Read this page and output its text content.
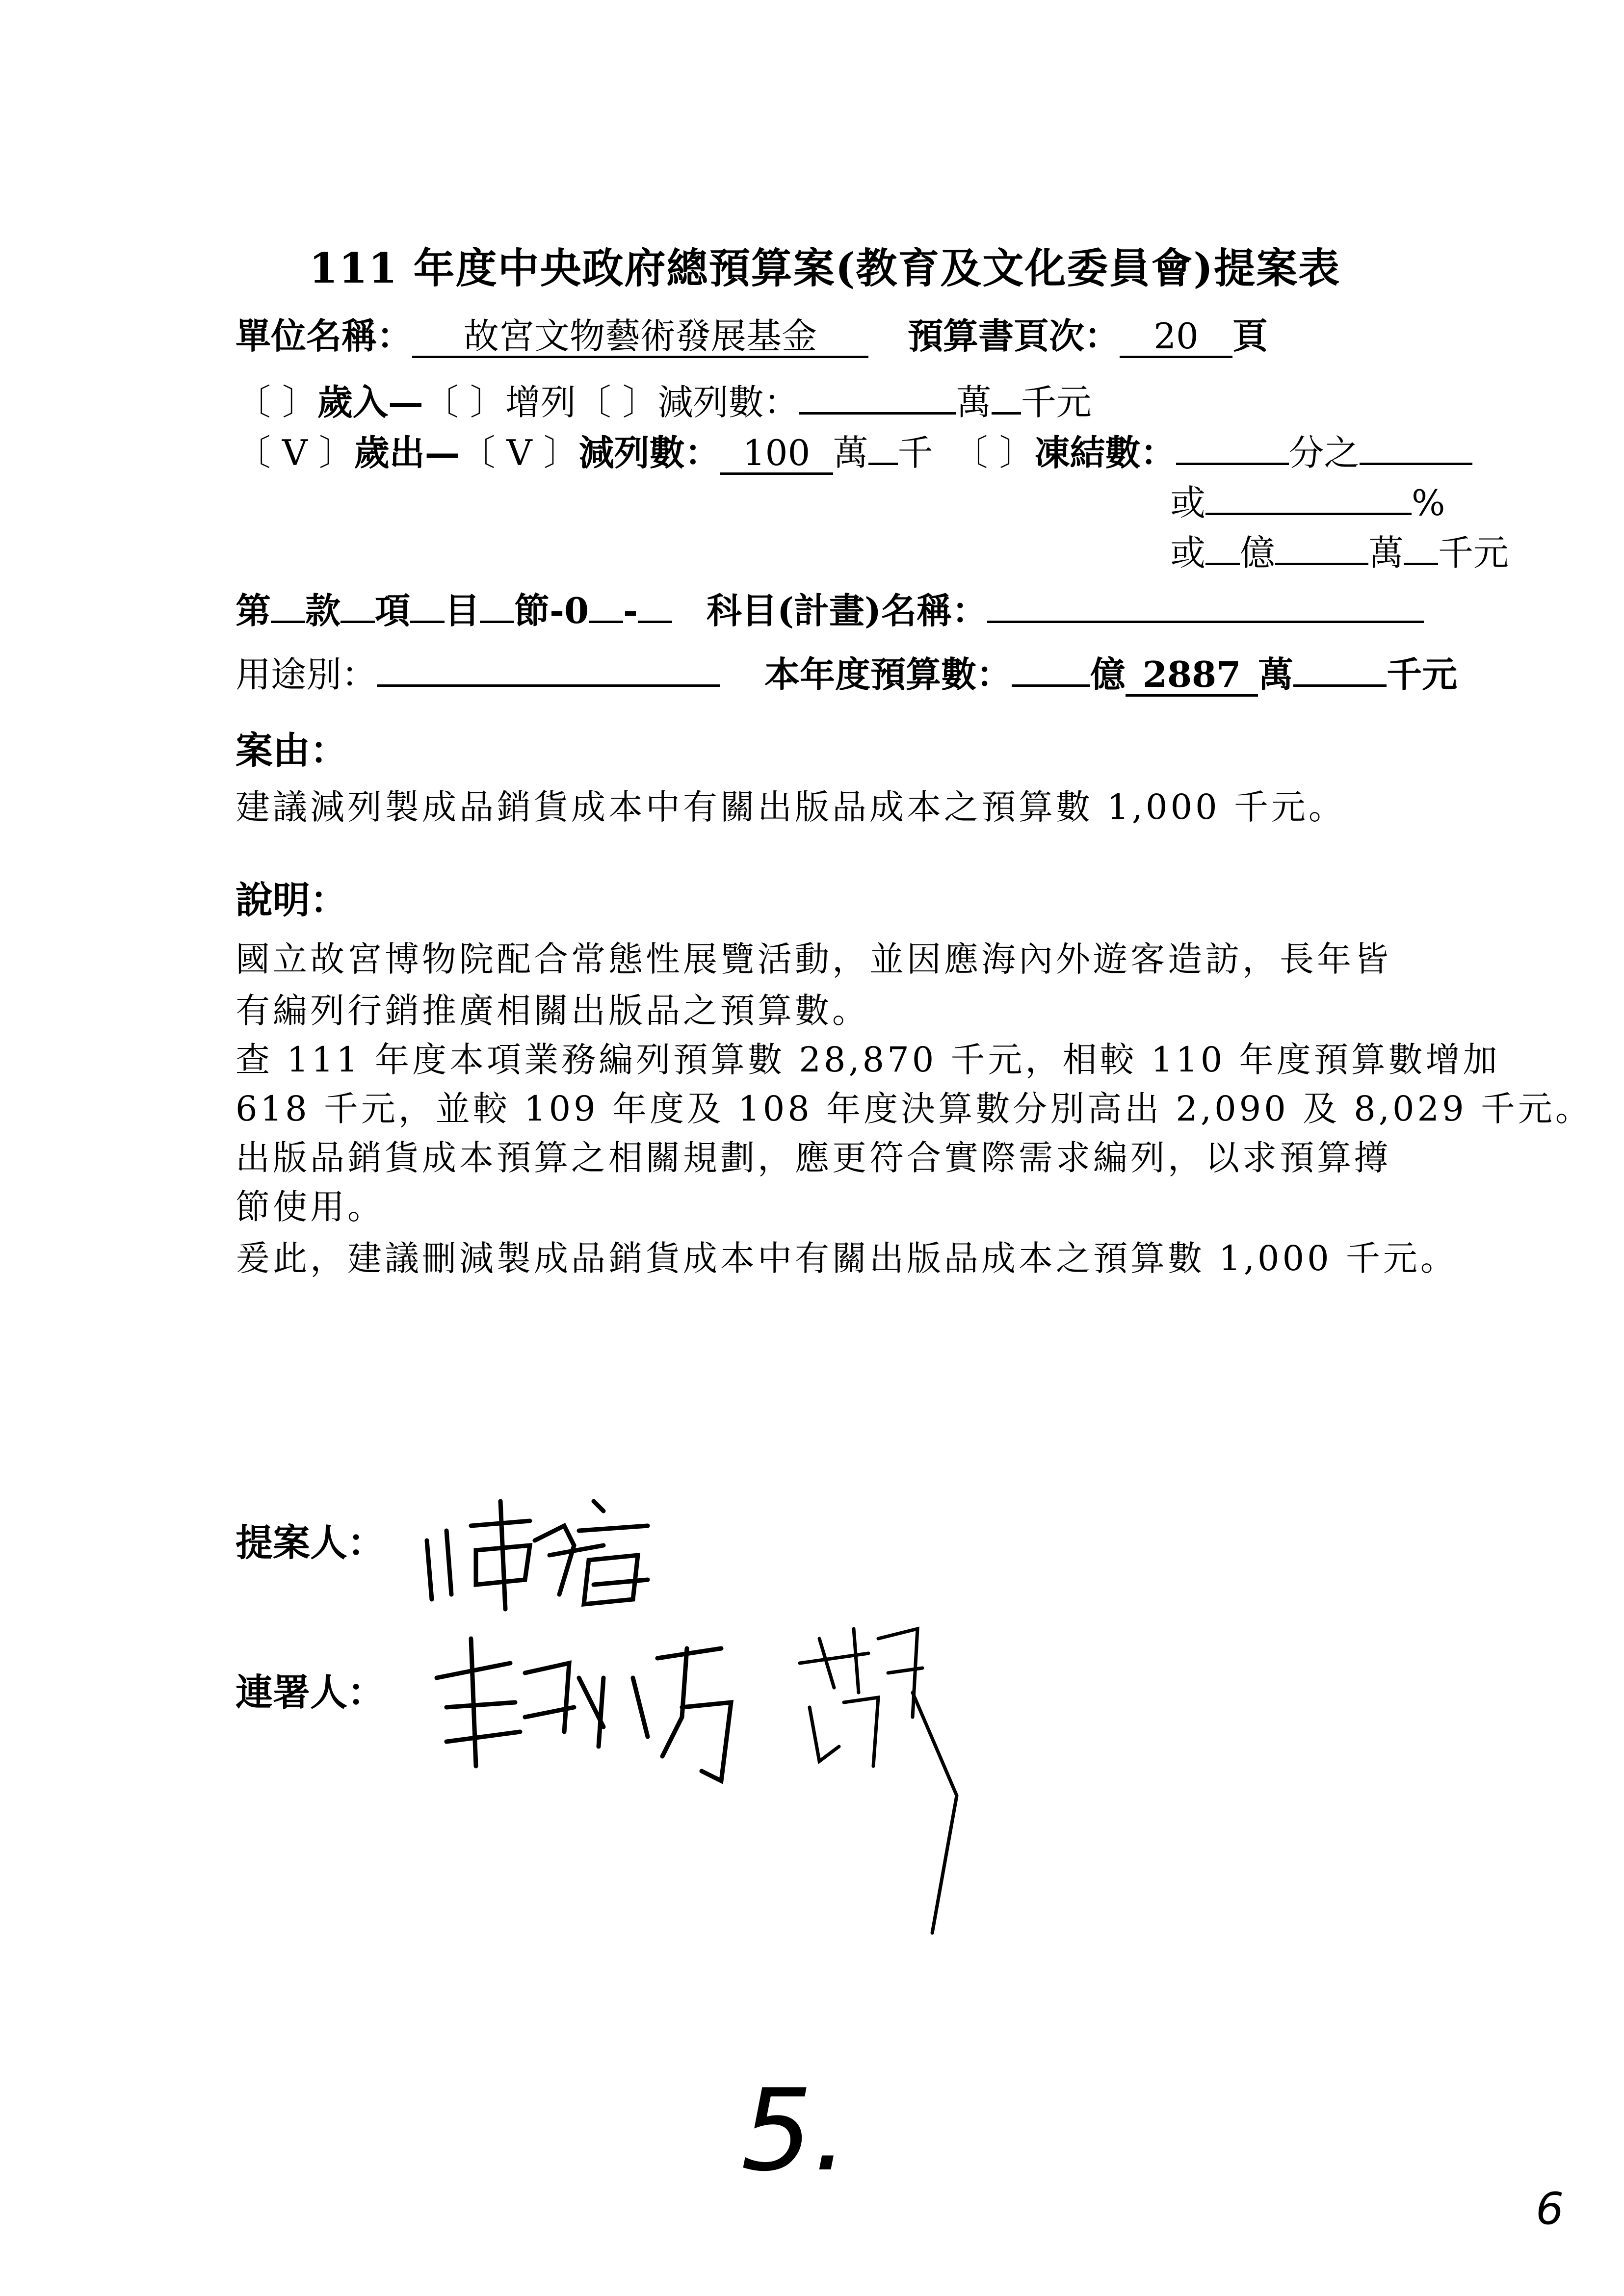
111 年度中央政府總預算案(教育及文化委員會)提案表
單位名稱： 故宮文物藝術發展基金	預算書頁次： 20 頁
〔 〕歲入—〔 〕增列〔 〕減列數：	萬 千元
〔 V 〕歲出—〔 V 〕減列數： 100 萬 千 〔 〕凍結數：	分之
或	%
或 億	萬 千元
第 款 項 目 節-0 - 科目(計畫)名稱：
用途別：	本年度預算數： 億 2887 萬	千元
案由：
建議減列製成品銷貨成本中有關出版品成本之預算數 1,000 千元。
說明：
國立故宮博物院配合常態性展覽活動，並因應海內外遊客造訪，長年皆
有編列行銷推廣相關出版品之預算數。
查 111 年度本項業務編列預算數 28,870 千元，相較 110 年度預算數增加
618 千元，並較 109 年度及 108 年度決算數分別高出 2,090 及 8,029 千元。
出版品銷貨成本預算之相關規劃，應更符合實際需求編列，以求預算撙
節使用。
爰此，建議刪減製成品銷貨成本中有關出版品成本之預算數 1,000 千元。
提案人：
連署人：
5.
6
